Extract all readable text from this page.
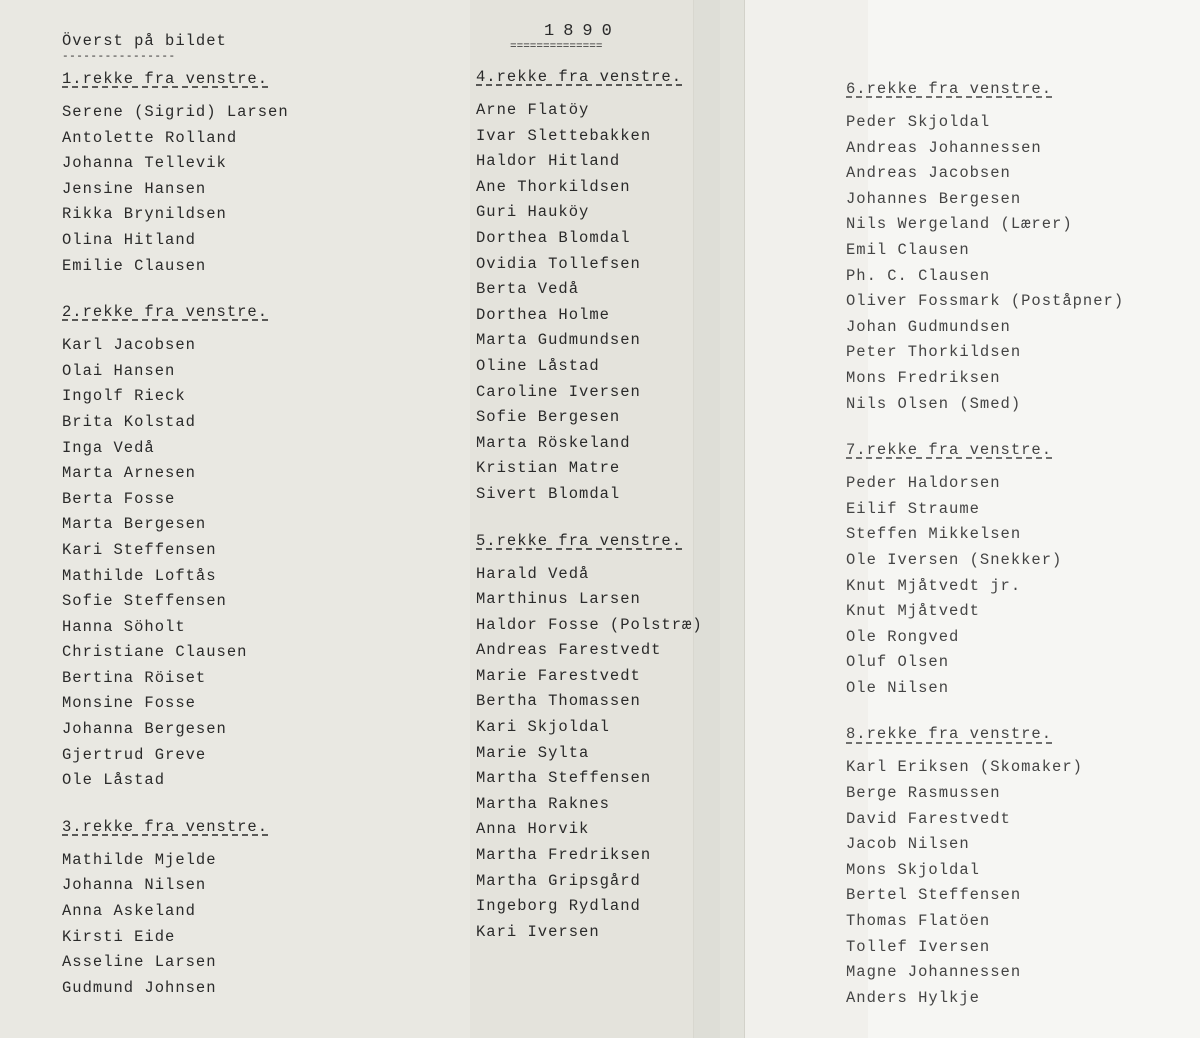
Överst på bildet
----------------
1.rekke fra venstre.
Serene (Sigrid) Larsen
Antolette Rolland
Johanna Tellevik
Jensine Hansen
Rikka Brynildsen
Olina Hitland
Emilie Clausen
2.rekke fra venstre.
Karl Jacobsen
Olai Hansen
Ingolf Rieck
Brita Kolstad
Inga Vedå
Marta Arnesen
Berta Fosse
Marta Bergesen
Kari Steffensen
Mathilde Loftås
Sofie Steffensen
Hanna Söholt
Christiane Clausen
Bertina Röiset
Monsine Fosse
Johanna Bergesen
Gjertrud Greve
Ole Låstad
3.rekke fra venstre.
Mathilde Mjelde
Johanna Nilsen
Anna Askeland
Kirsti Eide
Asseline Larsen
Gudmund Johnsen
1890
==============
4.rekke fra venstre.
Arne Flatöy
Ivar Slettebakken
Haldor Hitland
Ane Thorkildsen
Guri Hauköy
Dorthea Blomdal
Ovidia Tollefsen
Berta Vedå
Dorthea Holme
Marta Gudmundsen
Oline Låstad
Caroline Iversen
Sofie Bergesen
Marta Röskeland
Kristian Matre
Sivert Blomdal
5.rekke fra venstre.
Harald Vedå
Marthinus Larsen
Haldor Fosse (Polstræ)
Andreas Farestvedt
Marie Farestvedt
Bertha Thomassen
Kari Skjoldal
Marie Sylta
Martha Steffensen
Martha Raknes
Anna Horvik
Martha Fredriksen
Martha Gripsgård
Ingeborg Rydland
Kari Iversen
6.rekke fra venstre.
Peder Skjoldal
Andreas Johannessen
Andreas Jacobsen
Johannes Bergesen
Nils Wergeland (Lærer)
Emil Clausen
Ph. C. Clausen
Oliver Fossmark (Poståpner)
Johan Gudmundsen
Peter Thorkildsen
Mons Fredriksen
Nils Olsen (Smed)
7.rekke fra venstre.
Peder Haldorsen
Eilif Straume
Steffen Mikkelsen
Ole Iversen (Snekker)
Knut Mjåtvedt jr.
Knut Mjåtvedt
Ole Rongved
Oluf Olsen
Ole Nilsen
8.rekke fra venstre.
Karl Eriksen (Skomaker)
Berge Rasmussen
David Farestvedt
Jacob Nilsen
Mons Skjoldal
Bertel Steffensen
Thomas Flatöen
Tollef Iversen
Magne Johannessen
Anders Hylkje
